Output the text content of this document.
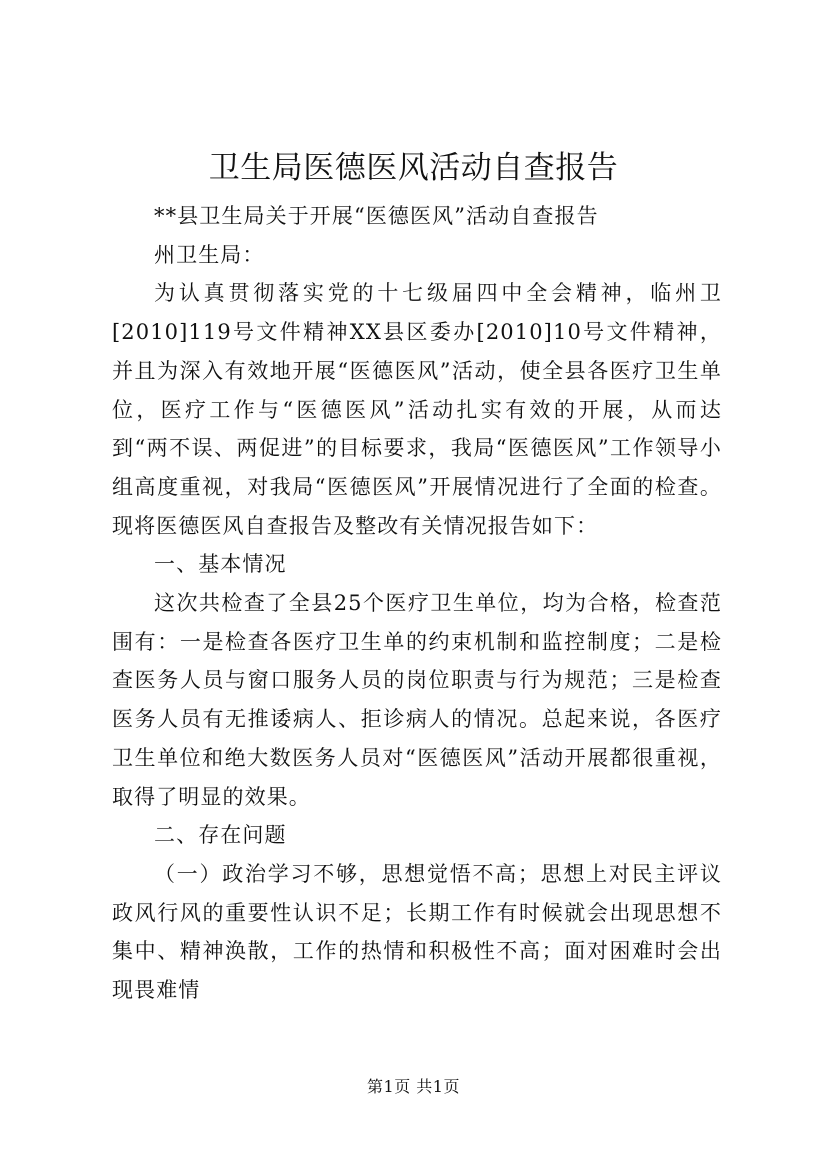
卫生局医德医风活动自查报告

**县卫生局关于开展“医德医风”活动自查报告

州卫生局：

为认真贯彻落实党的十七级届四中全会精神，临州卫[2010]119号文件精神XX县区委办[2010]10号文件精神，并且为深入有效地开展“医德医风”活动，使全县各医疗卫生单位，医疗工作与“医德医风”活动扎实有效的开展，从而达到“两不误、两促进”的目标要求，我局“医德医风”工作领导小组高度重视，对我局“医德医风”开展情况进行了全面的检查。现将医德医风自查报告及整改有关情况报告如下：

一、基本情况

这次共检查了全县25个医疗卫生单位，均为合格，检查范围有：一是检查各医疗卫生单的约束机制和监控制度；二是检查医务人员与窗口服务人员的岗位职责与行为规范；三是检查医务人员有无推诿病人、拒诊病人的情况。总起来说，各医疗卫生单位和绝大数医务人员对“医德医风”活动开展都很重视，取得了明显的效果。

二、存在问题

（一）政治学习不够，思想觉悟不高；思想上对民主评议政风行风的重要性认识不足；长期工作有时候就会出现思想不集中、精神涣散，工作的热情和积极性不高；面对困难时会出现畏难情

第1页 共1页
